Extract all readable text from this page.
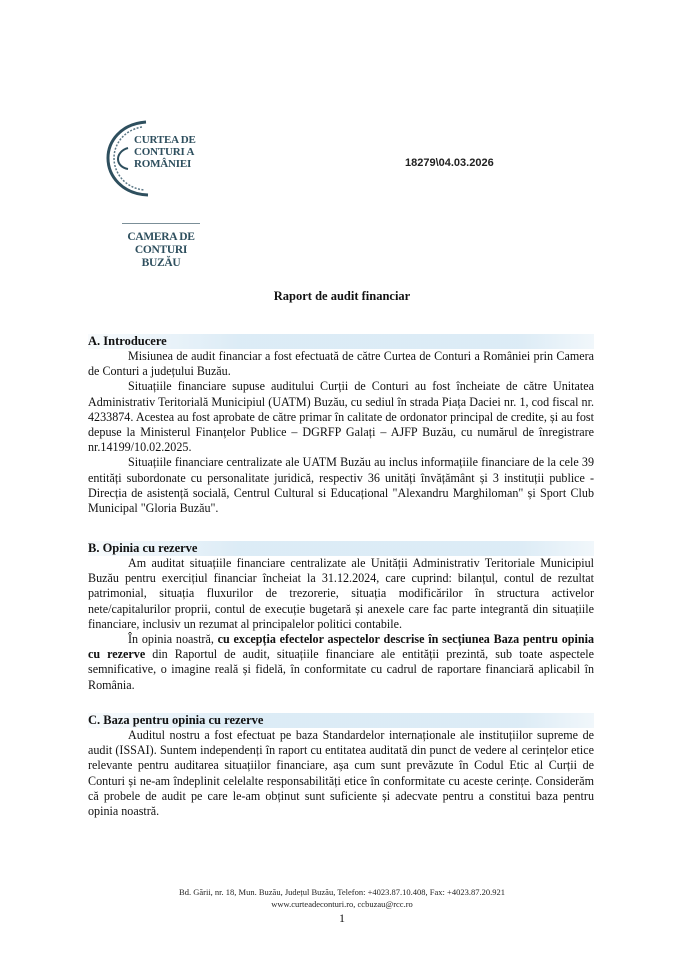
CURTEA DE
CONTURI A
ROMÂNIEI
CAMERA DE CONTURI
BUZĂU
18279\04.03.2026
Raport de audit financiar
A. Introducere

Misiunea de audit financiar a fost efectuată de către Curtea de Conturi a României prin Camera de Conturi a județului Buzău.

Situațiile financiare supuse auditului Curții de Conturi au fost încheiate de către Unitatea Administrativ Teritorială Municipiul (UATM) Buzău, cu sediul în strada Piața Daciei nr. 1, cod fiscal nr. 4233874. Acestea au fost aprobate de către primar în calitate de ordonator principal de credite, și au fost depuse la Ministerul Finanțelor Publice – DGRFP Galați – AJFP Buzău, cu numărul de înregistrare nr.14199/10.02.2025.

Situațiile financiare centralizate ale UATM Buzău au inclus informațiile financiare de la cele 39 entități subordonate cu personalitate juridică, respectiv 36 unități învățământ și 3 instituții publice - Direcția de asistență socială, Centrul Cultural si Educațional "Alexandru Marghiloman" și Sport Club Municipal "Gloria Buzău".

B. Opinia cu rezerve

Am auditat situațiile financiare centralizate ale Unității Administrativ Teritoriale Municipiul Buzău pentru exercițiul financiar încheiat la 31.12.2024, care cuprind: bilanțul, contul de rezultat patrimonial, situația fluxurilor de trezorerie, situația modificărilor în structura activelor nete/capitalurilor proprii, contul de execuție bugetară și anexele care fac parte integrantă din situațiile financiare, inclusiv un rezumat al principalelor politici contabile.

În opinia noastră, cu excepția efectelor aspectelor descrise în secțiunea Baza pentru opinia cu rezerve din Raportul de audit, situațiile financiare ale entității prezintă, sub toate aspectele semnificative, o imagine reală și fidelă, în conformitate cu cadrul de raportare financiară aplicabil în România.

C. Baza pentru opinia cu rezerve

Auditul nostru a fost efectuat pe baza Standardelor internaționale ale instituțiilor supreme de audit (ISSAI). Suntem independenți în raport cu entitatea auditată din punct de vedere al cerințelor etice relevante pentru auditarea situațiilor financiare, așa cum sunt prevăzute în Codul Etic al Curții de Conturi și ne-am îndeplinit celelalte responsabilități etice în conformitate cu aceste cerințe. Considerăm că probele de audit pe care le-am obținut sunt suficiente și adecvate pentru a constitui baza pentru opinia noastră.

Bd. Gării, nr. 18, Mun. Buzău, Județul Buzău, Telefon: +4023.87.10.408, Fax: +4023.87.20.921
www.curteadeconturi.ro, ccbuzau@rcc.ro
1
